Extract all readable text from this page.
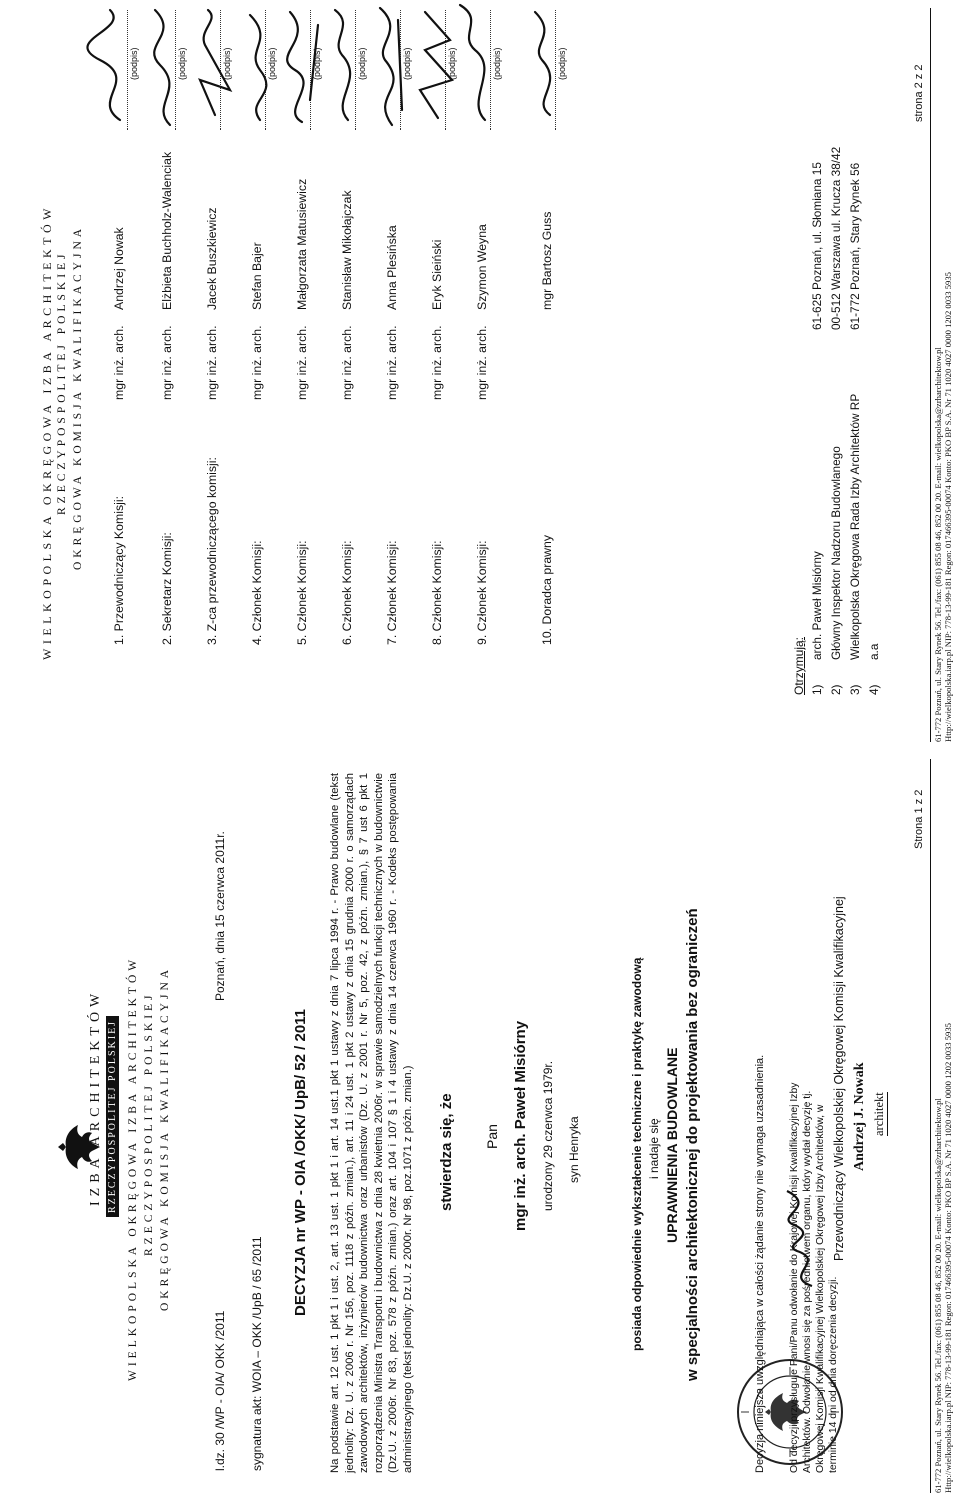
WIELKOPOLSKA OKRĘGOWA IZBA ARCHITEKTÓW RZECZYPOSPOLITEJ POLSKIEJ OKRĘGOWA KOMISJA KWALIFIKACYJNA
1. Przewodniczący Komisji:
mgr inż. arch.
Andrzej Nowak
(podpis)
2. Sekretarz Komisji:
mgr inż. arch.
Elżbieta Buchholz-Walenciak
(podpis)
3. Z-ca przewodniczącego komisji:
mgr inż. arch.
Jacek Buszkiewicz
(podpis)
4. Członek Komisji:
mgr inż. arch.
Stefan Bajer
(podpis)
5. Członek Komisji:
mgr inż. arch.
Małgorzata Matusiewicz
(podpis)
6. Członek Komisji:
mgr inż. arch.
Stanisław Mikołajczak
(podpis)
7. Członek Komisji:
mgr inż. arch.
Anna Plesińska
(podpis)
8. Członek Komisji:
mgr inż. arch.
Eryk Sieiński
(podpis)
9. Członek Komisji:
mgr inż. arch.
Szymon Weyna
(podpis)
10. Doradca prawny
mgr Bartosz Guss
(podpis)
Otrzymują: 1)
arch. Paweł Misiórny
61-625 Poznań, ul. Słomiana 15
2)
Główny Inspektor Nadzoru Budowlanego
00-512 Warszawa ul. Krucza 38/42
3)
Wielkopolska Okręgowa Rada Izby Architektów RP
61-772 Poznań, Stary Rynek 56
4)
a.a
strona 2 z 2
61-772 Poznań, ul. Stary Rynek 56. Tel./fax: (061) 855 08 46, 852 00 20. E-mail: wielkopolska@zrharchitektow.pl Http://wielkopolska.iarp.pl NIP: 778-13-99-181 Regon: 017466395-00074 Konto: PKO BP S.A. Nr 71 1020 4027 0000 1202 0033 5935
IZBA ARCHITEKTÓW RZECZYPOSPOLITEJ POLSKIEJ WIELKOPOLSKA OKRĘGOWA IZBA ARCHITEKTÓW RZECZYPOSPOLITEJ POLSKIEJ OKRĘGOWA KOMISJA KWALIFIKACYJNA
l.dz. 30 /WP - OIA/ OKK /2011
Poznań, dnia 15 czerwca 2011r.
sygnatura akt: WOIA – OKK /UpB / 65 /2011
DECYZJA nr WP - OIA /OKK/ UpB/ 52 / 2011 Na podstawie art. 12 ust. 1 pkt 1 i ust. 2, art. 13 ust. 1 pkt 1 i art. 14 ust.1 pkt 1 ustawy z dnia 7 lipca 1994 r. - Prawo budowlane (tekst jednolity: Dz. U. z 2006 r. Nr 156, poz. 1118 z późn. zmian.), art. 11 i 24 ust. 1 pkt 2 ustawy z dnia 15 grudnia 2000 r. o samorządach zawodowych architektów, inżynierów budownictwa oraz urbanistów (Dz. U. z 2001 r. Nr 5, poz. 42, z późn. zmian.), § 7 ust 6 pkt 1 rozporządzenia Ministra Transportu i budownictwa z dnia 28 kwietnia 2006r. w sprawie samodzielnych funkcji technicznych w budownictwie (Dz.U. z 2006r. Nr 83, poz. 578 z późn. zmian.) oraz art. 104 i 107 § 1 i 4 ustawy z dnia 14 czerwca 1960 r. - Kodeks postępowania administracyjnego (tekst jednolity: Dz.U. z 2000r. Nr 98, poz.1071 z późn. zmian.) stwierdza się, że Pan mgr inż. arch. Paweł Misiórny urodzony 29 czerwca 1979r. syn Henryka	posiada odpowiednie wykształcenie techniczne i praktykę zawodową i nadaje się UPRAWNIENIA BUDOWLANE w specjalności architektonicznej do projektowania bez ograniczeń	Decyzja niniejsza uwzględniająca w całości żądanie strony nie wymaga uzasadnienia. Od decyzji przysługuje Pani/Panu odwołanie do Krajowej Komisji Kwalifikacyjnej Izby Architektów. Odwołanie wnosi się za pośrednictwem organu, który wydał decyzję tj. Okręgowej Komisji Kwalifikacyjnej Wielkopolskiej Okręgowej Izby Architektów, w terminie 14 dni od dnia doręczenia decyzji.
Przewodniczący Wielkopolskiej Okręgowej Komisji Kwalifikacyjnej Andrzej J. Nowak architekt
Strona 1 z 2
61-772 Poznań, ul. Stary Rynek 56. Tel./fax: (061) 855 08 46, 852 00 20. E-mail: wielkopolska@zrharchitektow.pl Http://wielkopolska.iarp.pl NIP: 778-13-99-181 Regon: 017466395-00074 Konto: PKO BP S.A. Nr 71 1020 4027 0000 1202 0033 5935
